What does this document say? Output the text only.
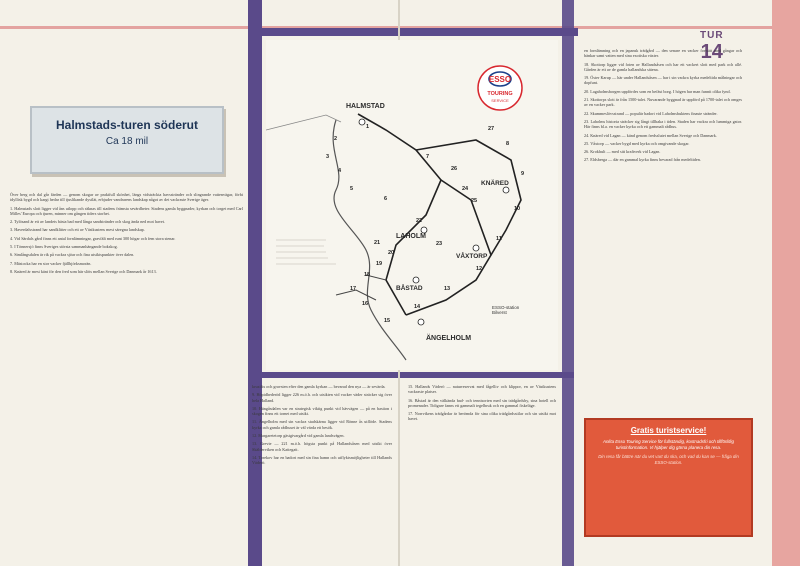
TUR
14
Halmstads-turen söderut
Ca 18 mil
HALMSTAD
LAHOLM
BÅSTAD
VÅXTORP
KNÄRED
ÄNGELHOLM
1
2
3
4
5
6
7
8
9
10
11
12
13
14
15
16
17
18
19
20
21
22
23
24
25
26
27
ESSO
TOURING
SERVICE
ESSO-station
Bilverst

Över berg och dal går färden — genom skogar av praktfull skönhet, längs vidsträckta havsstränder och slingrande vattenvägar, förbi idyllisk bygd och kargt hedar till tjuslikande dystlät, erbjuder vandrarens landskap något av det vackraste Sverige äger.

1. Halmstads slott ligger vid åns utlopp och räknas till stadens främsta sevärdheter. Stadens gamla byggnader, kyrkan och torget med Carl Milles' Europa och tjuren, minner om gången tiders storhet.

2. Tylösand är ett av landets bästa bad med långa sandstränder och skog ända ned mot havet.

3. Haverdalsstrand har sandklitter och ett av Västkustens mest säregna landskap.

4. Vid Särdals gård finns ett antal fornlämningar, gravfält med runt 300 högar och fem stora stenar.

5. I Tönnersjö finns Sveriges största sammanhängande bokskog.

6. Simlångsdalen är rik på vackra sjöar och fina utsiktspunkter över dalen.

7. Mästocka har en stor vacker fjällbjörksmorän.

8. Knäred är mest känt för den fred som här slöts mellan Sverige och Danmark år 1613.

kruzifix och gravsten efter den gamla kyrkan — bevarad den nya — är sevärda.

9. Höpidhederöd ligger 226 m.ö.h. och utsikten vid vacker väder sträcker sig över hela Halland.

10. Hängåsdalen var en strategisk viktig punkt vid hävvägen — på en bastion i skogen finns ett tornet med utsikt.

11. Ängelholm med sin vackra stadskärna ligger vid Rönne ås utflöde. Stadens kyrka och gamla rådhuset är väl värda ett besök.

12. Margaretetorp gästgivargård vid gamla landsvägen.

13. Grevie — 221 m.ö.h. högsta punkt på Hallandsåsen med utsikt över Skälderviken och Kattegatt.

14. Torekov har en badort med sin fina hamn och utflyktsmöjligheter till Hallands Väderö.

15. Hallands Väderö — naturreservat med fågelliv och klippor, en av Västkustens vackraste platser.

16. Båstad är den välkända bad- och tennisorten med sin trädgårdsby, sina hotell och promenader. Tidigare fanns ett gammalt tegelbruk och en gammal fiskeläge.

17. Norrvikens trädgårdar är berömda för sina olika trädgårdsstilar och sin utsikt mot havet.

en fornlämning och en japansk trädgård — den senare en vacker fortsätt med gångar och bänkar samt vatten med sina exotiska växter.

18. Skottorp ligger vid foten av Hallandsåsen och har ett vackert slott med park och allé. Gården är ett av de gamla hallandska sätena.

19. Öster Karup — här under Hallandsåsen — har i sin vackra kyrka medeltida målningar och dopfunt.

20. Lagaholmsborgen uppfördes som en befäst borg. I högen har man funnit olika fynd.

21. Skottorps slott är från 1500-talet. Nuvarande byggnad är uppförd på 1700-talet och omges av en vacker park.

22. Skummeslövsstrand — populär badort vid Laholmsbuktens finaste stränder.

23. Laholms historia sträcker sig långt tillbaka i tiden. Staden har vackra och lummiga gator. Här finns bl.a. en vacker kyrka och ett gammalt rådhus.

24. Knäred vid Lagan — känd genom fredsslutet mellan Sverige och Danmark.

25. Våxtorp — vacker bygd med kyrka och omgivande skogar.

26. Krokhult — med sitt kraftverk vid Lagan.

27. Eldsberga — där en gammal kyrka finns bevarad från medeltiden.

Gratis turistservice!
Anlita Esso Touring Service för fullständig, kostnadsfri och tillförlitlig turistinformation. Vi hjälper dig gärna planera din resa.
Din resa får bättre när du vet vart du ska, och vad du kan se — fråga din ESSO-station.
